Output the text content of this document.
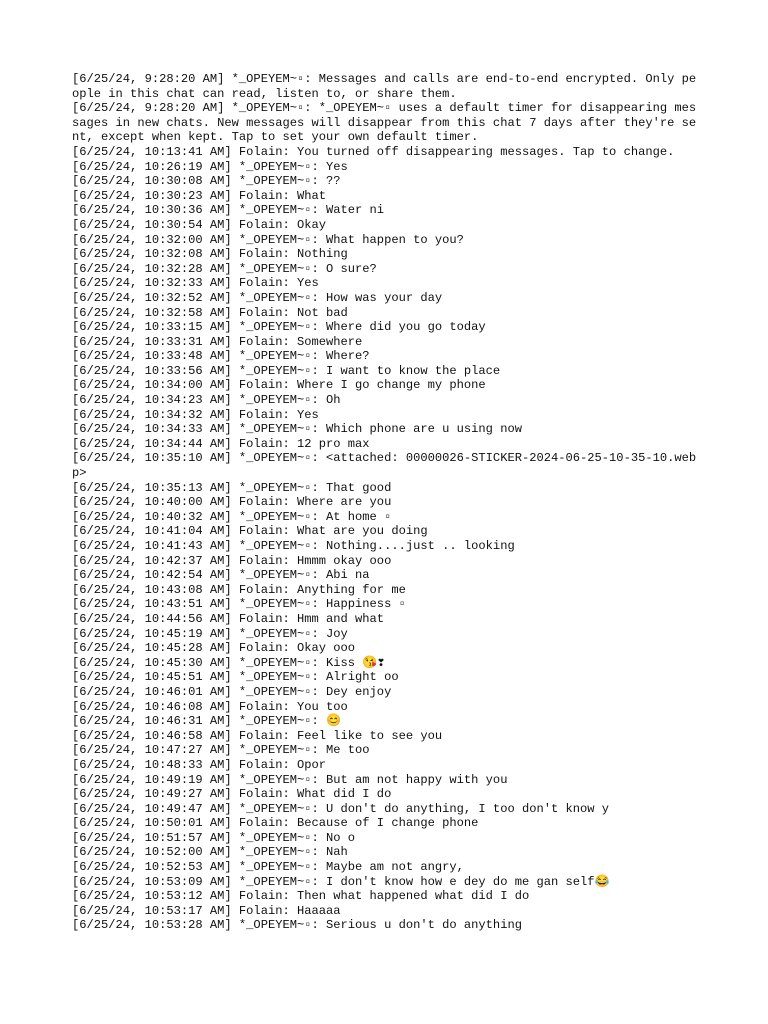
[6/25/24, 9:28:20 AM] *_OPEYEM~▫: Messages and calls are end-to-end encrypted. Only people in this chat can read, listen to, or share them.

[6/25/24, 9:28:20 AM] *_OPEYEM~▫: *_OPEYEM~▫ uses a default timer for disappearing messages in new chats. New messages will disappear from this chat 7 days after they're sent, except when kept. Tap to set your own default timer.

[6/25/24, 10:13:41 AM] Folain: You turned off disappearing messages. Tap to change.

[6/25/24, 10:26:19 AM] *_OPEYEM~▫: Yes

[6/25/24, 10:30:08 AM] *_OPEYEM~▫: ??

[6/25/24, 10:30:23 AM] Folain: What

[6/25/24, 10:30:36 AM] *_OPEYEM~▫: Water ni

[6/25/24, 10:30:54 AM] Folain: Okay

[6/25/24, 10:32:00 AM] *_OPEYEM~▫: What happen to you?

[6/25/24, 10:32:08 AM] Folain: Nothing

[6/25/24, 10:32:28 AM] *_OPEYEM~▫: O sure?

[6/25/24, 10:32:33 AM] Folain: Yes

[6/25/24, 10:32:52 AM] *_OPEYEM~▫: How was your day

[6/25/24, 10:32:58 AM] Folain: Not bad

[6/25/24, 10:33:15 AM] *_OPEYEM~▫: Where did you go today

[6/25/24, 10:33:31 AM] Folain: Somewhere

[6/25/24, 10:33:48 AM] *_OPEYEM~▫: Where?

[6/25/24, 10:33:56 AM] *_OPEYEM~▫: I want to know the place

[6/25/24, 10:34:00 AM] Folain: Where I go change my phone

[6/25/24, 10:34:23 AM] *_OPEYEM~▫: Oh

[6/25/24, 10:34:32 AM] Folain: Yes

[6/25/24, 10:34:33 AM] *_OPEYEM~▫: Which phone are u using now

[6/25/24, 10:34:44 AM] Folain: 12 pro max

[6/25/24, 10:35:10 AM] *_OPEYEM~▫: <attached: 00000026-STICKER-2024-06-25-10-35-10.webp>

[6/25/24, 10:35:13 AM] *_OPEYEM~▫: That good

[6/25/24, 10:40:00 AM] Folain: Where are you

[6/25/24, 10:40:32 AM] *_OPEYEM~▫: At home ▫

[6/25/24, 10:41:04 AM] Folain: What are you doing

[6/25/24, 10:41:43 AM] *_OPEYEM~▫: Nothing....just .. looking

[6/25/24, 10:42:37 AM] Folain: Hmmm okay ooo

[6/25/24, 10:42:54 AM] *_OPEYEM~▫: Abi na

[6/25/24, 10:43:08 AM] Folain: Anything for me

[6/25/24, 10:43:51 AM] *_OPEYEM~▫: Happiness ▫

[6/25/24, 10:44:56 AM] Folain: Hmm and what

[6/25/24, 10:45:19 AM] *_OPEYEM~▫: Joy

[6/25/24, 10:45:28 AM] Folain: Okay ooo

[6/25/24, 10:45:30 AM] *_OPEYEM~▫: Kiss 😘❣

[6/25/24, 10:45:51 AM] *_OPEYEM~▫: Alright oo

[6/25/24, 10:46:01 AM] *_OPEYEM~▫: Dey enjoy

[6/25/24, 10:46:08 AM] Folain: You too

[6/25/24, 10:46:31 AM] *_OPEYEM~▫: 😊

[6/25/24, 10:46:58 AM] Folain: Feel like to see you

[6/25/24, 10:47:27 AM] *_OPEYEM~▫: Me too

[6/25/24, 10:48:33 AM] Folain: Opor

[6/25/24, 10:49:19 AM] *_OPEYEM~▫: But am not happy with you

[6/25/24, 10:49:27 AM] Folain: What did I do

[6/25/24, 10:49:47 AM] *_OPEYEM~▫: U don't do anything, I too don't know y

[6/25/24, 10:50:01 AM] Folain: Because of I change phone

[6/25/24, 10:51:57 AM] *_OPEYEM~▫: No o

[6/25/24, 10:52:00 AM] *_OPEYEM~▫: Nah

[6/25/24, 10:52:53 AM] *_OPEYEM~▫: Maybe am not angry,

[6/25/24, 10:53:09 AM] *_OPEYEM~▫: I don't know how e dey do me gan self😂

[6/25/24, 10:53:12 AM] Folain: Then what happened what did I do

[6/25/24, 10:53:17 AM] Folain: Haaaaa

[6/25/24, 10:53:28 AM] *_OPEYEM~▫: Serious u don't do anything
